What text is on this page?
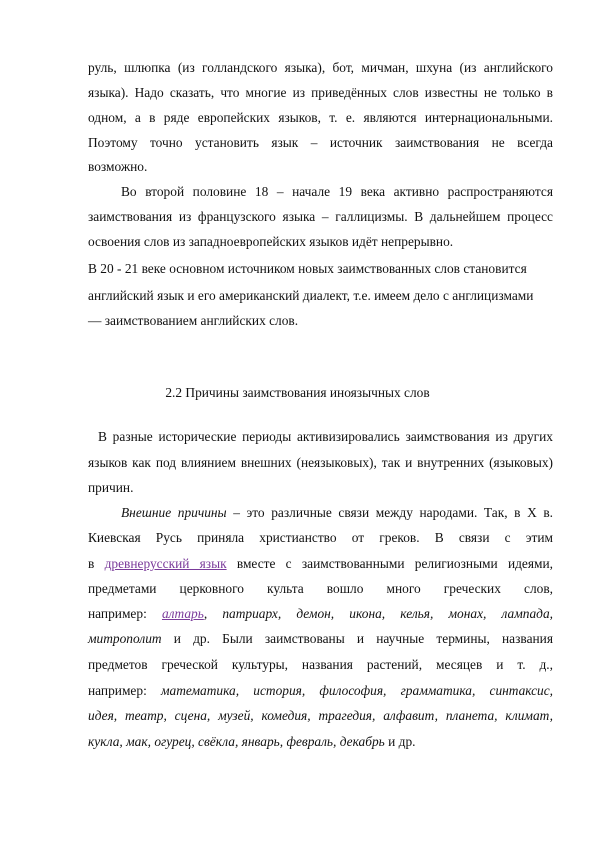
руль, шлюпка (из голландского языка), бот, мичман, шхуна (из английского
языка). Надо сказать, что многие из приведённых слов известны не только в
одном, а в ряде европейских языков, т. е. являются интернациональными.
Поэтому точно установить язык – источник заимствования не всегда
возможно.
Во второй половине 18 – начале 19 века активно распространяются
заимствования из французского языка – галлицизмы. В дальнейшем процесс
освоения слов из западноевропейских языков идёт непрерывно.
В 20 - 21 веке основном источником новых заимствованных слов становится
английский язык и его американский диалект, т.е. имеем дело с англицизмами
— заимствованием английских слов.
2.2 Причины заимствования иноязычных слов
В разные исторические периоды активизировались заимствования из других
языков как под влиянием внешних (неязыковых), так и внутренних (языковых)
причин.
Внешние причины – это различные связи между народами. Так, в X в.
Киевская Русь приняла христианство от греков. В связи с этим
в древнерусский язык вместе с заимствованными религиозными идеями,
предметами церковного культа вошло много греческих слов,
например: алтарь, патриарх, демон, икона, келья, монах, лампада,
митрополит и др. Были заимствованы и научные термины, названия
предметов греческой культуры, названия растений, месяцев и т. д.,
например: математика, история, философия, грамматика, синтаксис,
идея, театр, сцена, музей, комедия, трагедия, алфавит, планета, климат,
кукла, мак, огурец, свёкла, январь, февраль, декабрь и др.
